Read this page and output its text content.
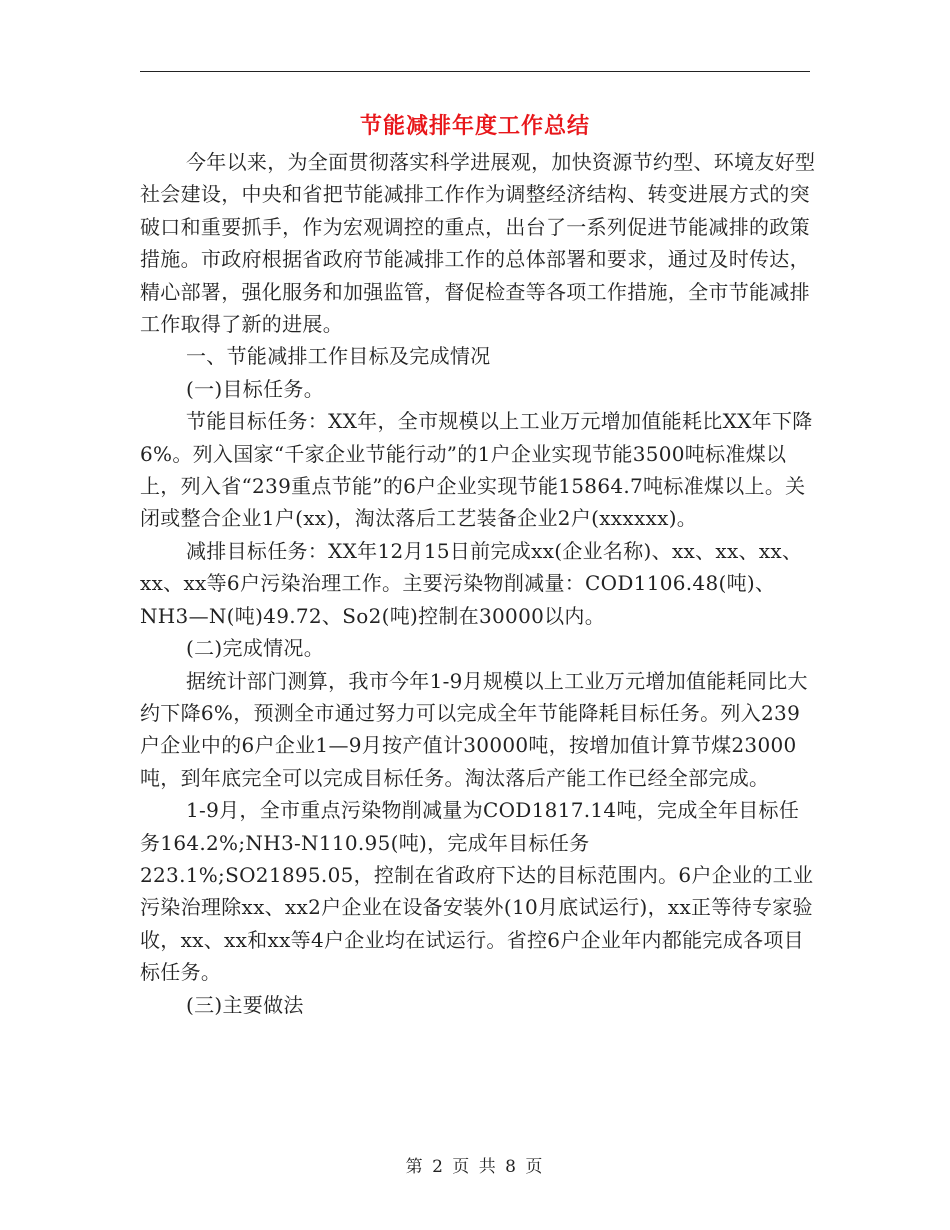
节能减排年度工作总结

今年以来，为全面贯彻落实科学进展观，加快资源节约型、环境友好型社会建设，中央和省把节能减排工作作为调整经济结构、转变进展方式的突破口和重要抓手，作为宏观调控的重点，出台了一系列促进节能减排的政策措施。市政府根据省政府节能减排工作的总体部署和要求，通过及时传达，精心部署，强化服务和加强监管，督促检查等各项工作措施，全市节能减排工作取得了新的进展。

一、节能减排工作目标及完成情况

(一)目标任务。

节能目标任务：XX年，全市规模以上工业万元增加值能耗比XX年下降6%。列入国家“千家企业节能行动”的1户企业实现节能3500吨标准煤以上，列入省“239重点节能”的6户企业实现节能15864.7吨标准煤以上。关闭或整合企业1户(xx)，淘汰落后工艺装备企业2户(xxxxxx)。

减排目标任务：XX年12月15日前完成xx(企业名称)、xx、xx、xx、xx、xx等6户污染治理工作。主要污染物削减量：COD1106.48(吨)、NH3—N(吨)49.72、So2(吨)控制在30000以内。

(二)完成情况。

据统计部门测算，我市今年1-9月规模以上工业万元增加值能耗同比大约下降6%，预测全市通过努力可以完成全年节能降耗目标任务。列入239户企业中的6户企业1—9月按产值计30000吨，按增加值计算节煤23000吨，到年底完全可以完成目标任务。淘汰落后产能工作已经全部完成。

1-9月，全市重点污染物削减量为COD1817.14吨，完成全年目标任务164.2%;NH3-N110.95(吨)，完成年目标任务223.1%;SO21895.05，控制在省政府下达的目标范围内。6户企业的工业污染治理除xx、xx2户企业在设备安装外(10月底试运行)，xx正等待专家验收，xx、xx和xx等4户企业均在试运行。省控6户企业年内都能完成各项目标任务。

(三)主要做法

第 2 页 共 8 页
